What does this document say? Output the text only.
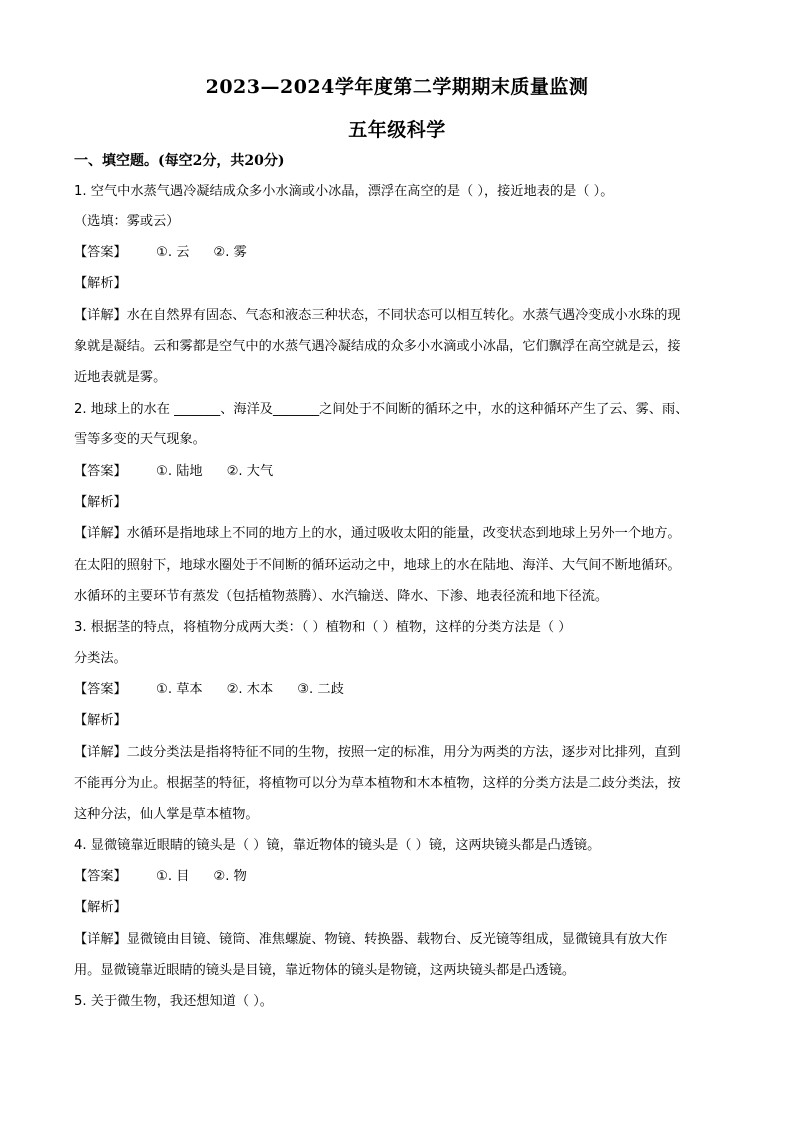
2023—2024学年度第二学期期末质量监测
五年级科学
一、填空题。(每空2分，共20分)
1. 空气中水蒸气遇冷凝结成众多小水滴或小冰晶，漂浮在高空的是（ ），接近地表的是（ ）。
（选填：雾或云）
【答案】 ①. 云 ②. 雾
【解析】
【详解】水在自然界有固态、气态和液态三种状态，不同状态可以相互转化。水蒸气遇冷变成小水珠的现
象就是凝结。云和雾都是空气中的水蒸气遇冷凝结成的众多小水滴或小冰晶，它们飘浮在高空就是云，接
近地表就是雾。
2. 地球上的水在 _______、海洋及_______之间处于不间断的循环之中，水的这种循环产生了云、雾、雨、
雪等多变的天气现象。
【答案】 ①. 陆地 ②. 大气
【解析】
【详解】水循环是指地球上不同的地方上的水，通过吸收太阳的能量，改变状态到地球上另外一个地方。
在太阳的照射下，地球水圈处于不间断的循环运动之中，地球上的水在陆地、海洋、大气间不断地循环。
水循环的主要环节有蒸发（包括植物蒸腾）、水汽输送、降水、下渗、地表径流和地下径流。
3. 根据茎的特点，将植物分成两大类：（ ）植物和（ ）植物，这样的分类方法是（ ）
分类法。
【答案】 ①. 草本 ②. 木本 ③. 二歧
【解析】
【详解】二歧分类法是指将特征不同的生物，按照一定的标准，用分为两类的方法，逐步对比排列，直到
不能再分为止。根据茎的特征，将植物可以分为草本植物和木本植物，这样的分类方法是二歧分类法，按
这种分法，仙人掌是草本植物。
4. 显微镜靠近眼睛的镜头是（ ）镜，靠近物体的镜头是（ ）镜，这两块镜头都是凸透镜。
【答案】 ①. 目 ②. 物
【解析】
【详解】显微镜由目镜、镜筒、准焦螺旋、物镜、转换器、载物台、反光镜等组成，显微镜具有放大作
用。显微镜靠近眼睛的镜头是目镜，靠近物体的镜头是物镜，这两块镜头都是凸透镜。
5. 关于微生物，我还想知道（ ）。
